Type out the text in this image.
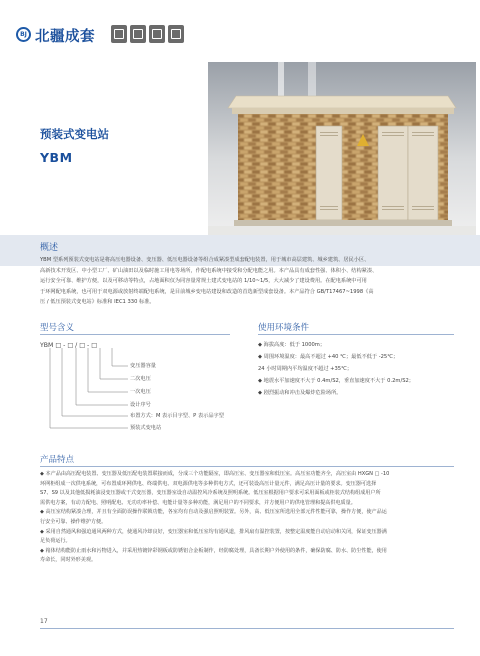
BJ 北疆成套
预装式变电站
YBM
概述
YBM 型系列预装式变电站是将高压电器设备、变压器、低压电器设备等组合成紧凑型成套配电装置，用于城市高层建筑、城乡建筑、居民小区、
高新技术开发区、中小型工厂、矿山油田以及临时施工用电等场所，作配电系统中接受和分配电能之用。本产品具有成套性强、体积小、结构紧凑、
运行安全可靠、维护方便，以及可移动等特点，占地面积仅为同容量常规土建式变电站的 1/10~1/5，大大减少了建设费用。在配电系统中可用
于环网配电系统，也可用于双电源或放射终端配电系统，是目前城乡变电站建设和改造的首选新型成套设备。本产品符合 GB/T17467~1998《高
压 / 低压预装式变电站》标准和 IEC1 330 标准。
型号含义
YBM □ - □ / □ - □
变压器容量
二次电压
一次电压
设计序号
布置方式：M 表示目字型、P 表示品字型
预装式变电站
使用环境条件
◆ 海拔高度：低于 1000m；
◆ 周围环境温度：最高不超过 +40 ℃；最低不低于 -25℃；
24 小时周期内平均温度不超过 +35℃；
◆ 地震水平加速度不大于 0.4m/S2，垂直加速度不大于 0.2m/S2；
◆ 剧烈振动和冲击及爆炸危险场所。
产品特点
◆ 本产品由高压配电装置、变压器及低压配电装置联接而成，分成三个功能隔室，即高压室、变压器室和低压室。高压室功能齐全，高压室由 HXGN □ -10
环网柜组成一次供电系统，可布置成环网供电、终端供电、双电源供电等多种供电方式，还可装设高压计量元件，满足高压计量的要求。变压器可选择
S7、S9 以及其他低损耗油浸变压器或干式变压器，变压器室设自动温控风冷系统及照明系统。低压室根据用户要求可采用面板或柜装式结构组成用户所
需供电方案，有动力配电、照明配电、无功功率补偿、电能计量等多种功能，满足用户的不同要求，并方便用户的供电管理和提高供电质量。
◆ 高压室结构紧凑合理，并且有全面防误操作联锁功能，各室均有自动及强启照明装置。另外，高、低压室所选用全部元件性能可靠，操作方便，使产品运
行安全可靠、操作维护方便。
◆ 采用自然通风和强迫通风两种方式，使通风冷却良好，变压器室和低压室均有通风道，排风扇有温控装置，按整定温度能自动启动和关闭，保证变压器满
足负荷运行。
◆ 箱体结构能防止雨水和污物进入，并采用热镀锌彩钢板或防锈铝合金板制作，经防腐处理，具备长期户外使用的条件，确保防腐、防水、防尘性能，使用
寿命长，同时外形美观。
17
